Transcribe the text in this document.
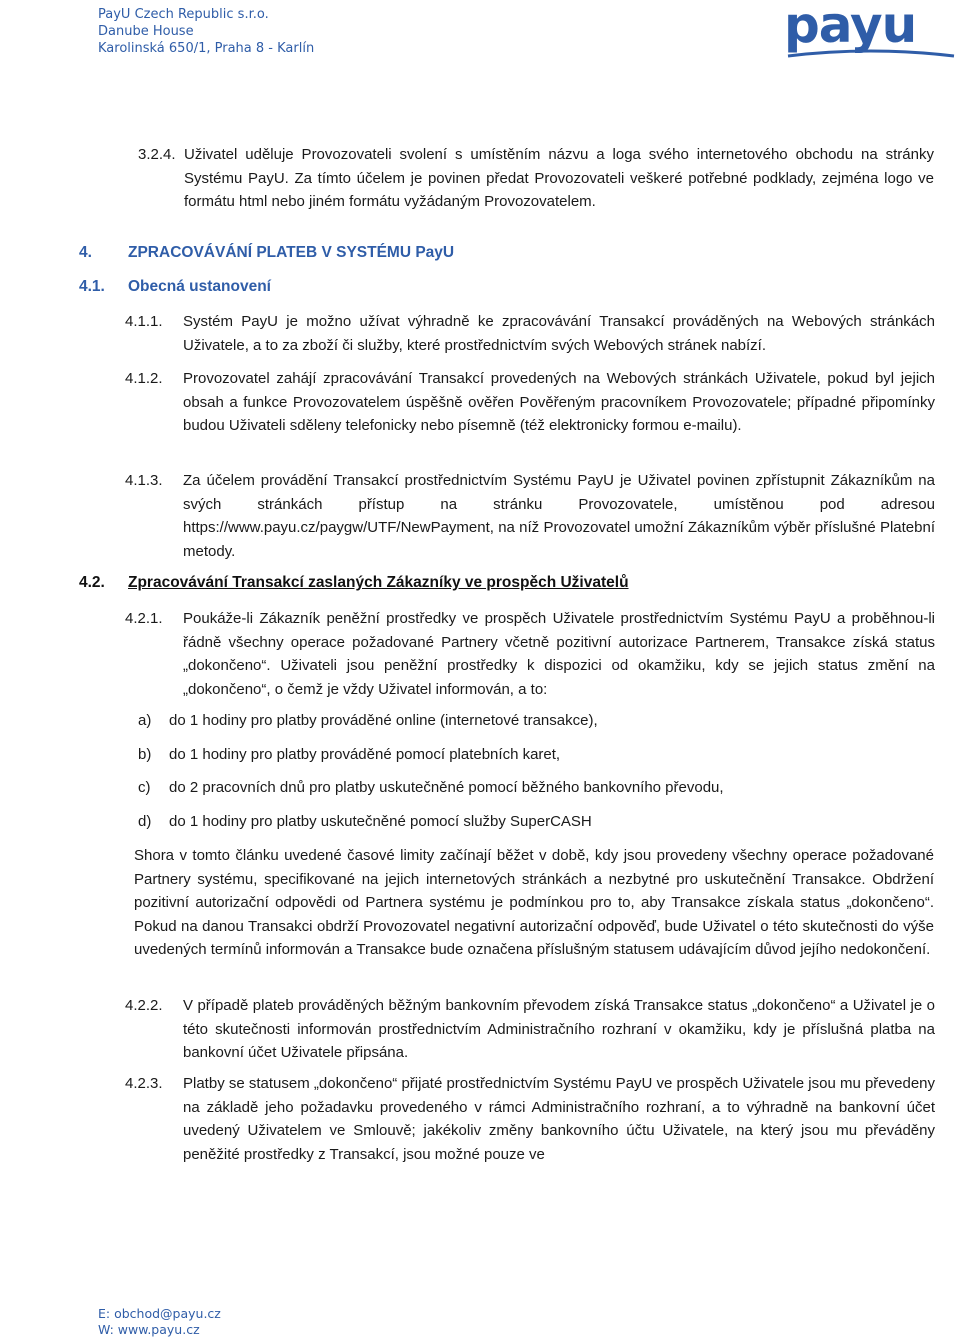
PayU Czech Republic s.r.o.
Danube House
Karolinská 650/1, Praha 8 - Karlín	payu
3.2.4. Uživatel uděluje Provozovateli svolení s umístěním názvu a loga svého internetového obchodu na stránky Systému PayU. Za tímto účelem je povinen předat Provozovateli veškeré potřebné podklady, zejména logo ve formátu html nebo jiném formátu vyžádaným Provozovatelem.
4. ZPRACOVÁVÁNÍ PLATEB V SYSTÉMU PayU
4.1. Obecná ustanovení
4.1.1.	Systém PayU je možno užívat výhradně ke zpracovávání Transakcí prováděných na Webových stránkách Uživatele, a to za zboží či služby, které prostřednictvím svých Webových stránek nabízí.
4.1.2.	Provozovatel zahájí zpracovávání Transakcí provedených na Webových stránkách Uživatele, pokud byl jejich obsah a funkce Provozovatelem úspěšně ověřen Pověřeným pracovníkem Provozovatele; případné připomínky budou Uživateli sděleny telefonicky nebo písemně (též elektronicky formou e-mailu).
4.1.3.	Za účelem provádění Transakcí prostřednictvím Systému PayU je Uživatel povinen zpřístupnit Zákazníkům na svých stránkách přístup na stránku Provozovatele, umístěnou pod adresou https://www.payu.cz/paygw/UTF/NewPayment, na níž Provozovatel umožní Zákazníkům výběr příslušné Platební metody.
4.2. Zpracovávání Transakcí zaslaných Zákazníky ve prospěch Uživatelů
4.2.1.	Poukáže-li Zákazník peněžní prostředky ve prospěch Uživatele prostřednictvím Systému PayU a proběhnou-li řádně všechny operace požadované Partnery včetně pozitivní autorizace Partnerem, Transakce získá status „dokončeno“. Uživateli jsou peněžní prostředky k dispozici od okamžiku, kdy se jejich status změní na „dokončeno“, o čemž je vždy Uživatel informován, a to:
a)	do 1 hodiny pro platby prováděné online (internetové transakce),
b)	do 1 hodiny pro platby prováděné pomocí platebních karet,
c)	do 2 pracovních dnů pro platby uskutečněné pomocí běžného bankovního převodu,
d)	do 1 hodiny pro platby uskutečněné pomocí služby SuperCASH
Shora v tomto článku uvedené časové limity začínají běžet v době, kdy jsou provedeny všechny operace požadované Partnery systému, specifikované na jejich internetových stránkách a nezbytné pro uskutečnění Transakce. Obdržení pozitivní autorizační odpovědi od Partnera systému je podmínkou pro to, aby Transakce získala status „dokončeno“. Pokud na danou Transakci obdrží Provozovatel negativní autorizační odpověď, bude Uživatel o této skutečnosti do výše uvedených termínů informován a Transakce bude označena příslušným statusem udávajícím důvod jejího nedokončení.
4.2.2.	V případě plateb prováděných běžným bankovním převodem získá Transakce status „dokončeno“ a Uživatel je o této skutečnosti informován prostřednictvím Administračního rozhraní v okamžiku, kdy je příslušná platba na bankovní účet Uživatele připsána.
4.2.3.	Platby se statusem „dokončeno“ přijaté prostřednictvím Systému PayU ve prospěch Uživatele jsou mu převedeny na základě jeho požadavku provedeného v rámci Administračního rozhraní, a to výhradně na bankovní účet uvedený Uživatelem ve Smlouvě; jakékoliv změny bankovního účtu Uživatele, na který jsou mu převáděny peněžité prostředky z Transakcí, jsou možné pouze ve
E: obchod@payu.cz
W: www.payu.cz
